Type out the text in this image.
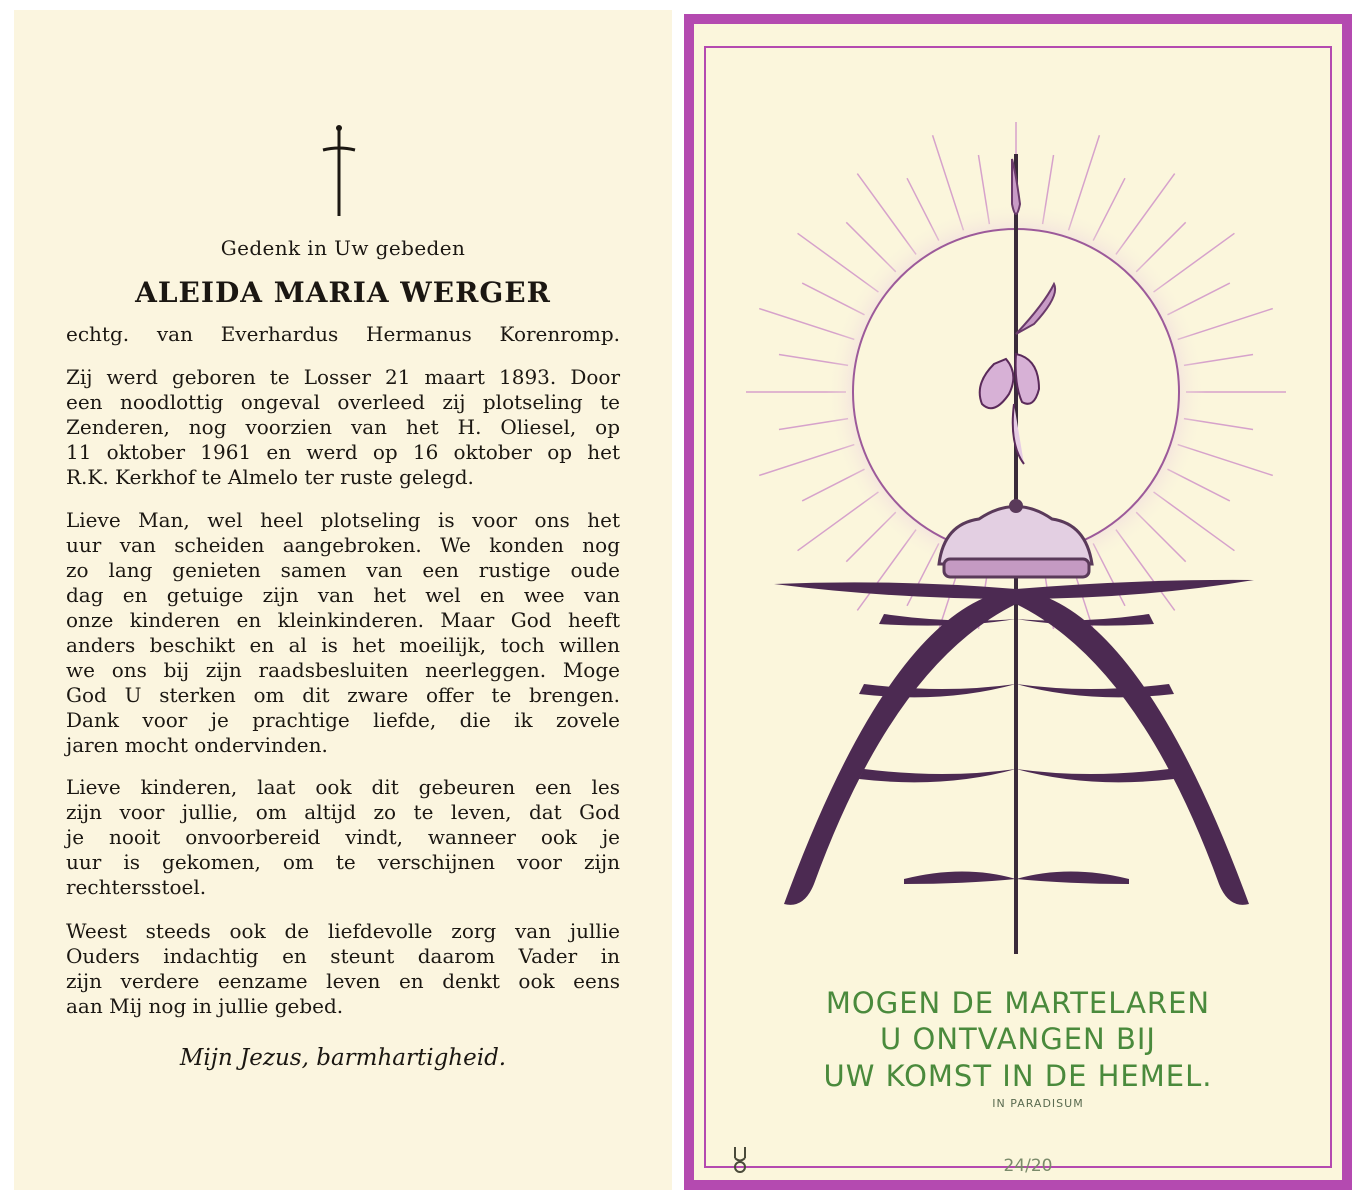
Gedenk in Uw gebeden
ALEIDA MARIA WERGER
echtg. van Everhardus Hermanus Korenromp.
Zij werd geboren te Losser 21 maart 1893. Door
een noodlottig ongeval overleed zij plotseling te
Zenderen, nog voorzien van het H. Oliesel, op
11 oktober 1961 en werd op 16 oktober op het
R.K. Kerkhof te Almelo ter ruste gelegd.
Lieve Man, wel heel plotseling is voor ons het
uur van scheiden aangebroken. We konden nog
zo lang genieten samen van een rustige oude
dag en getuige zijn van het wel en wee van
onze kinderen en kleinkinderen. Maar God heeft
anders beschikt en al is het moeilijk, toch willen
we ons bij zijn raadsbesluiten neerleggen. Moge
God U sterken om dit zware offer te brengen.
Dank voor je prachtige liefde, die ik zovele
jaren mocht ondervinden.
Lieve kinderen, laat ook dit gebeuren een les
zijn voor jullie, om altijd zo te leven, dat God
je nooit onvoorbereid vindt, wanneer ook je
uur is gekomen, om te verschijnen voor zijn
rechtersstoel.
Weest steeds ook de liefdevolle zorg van jullie
Ouders indachtig en steunt daarom Vader in
zijn verdere eenzame leven en denkt ook eens
aan Mij nog in jullie gebed.
Mijn Jezus, barmhartigheid.
MOGEN DE MARTELAREN
U ONTVANGEN BIJ
UW KOMST IN DE HEMEL.
IN PARADISUM
24/20
